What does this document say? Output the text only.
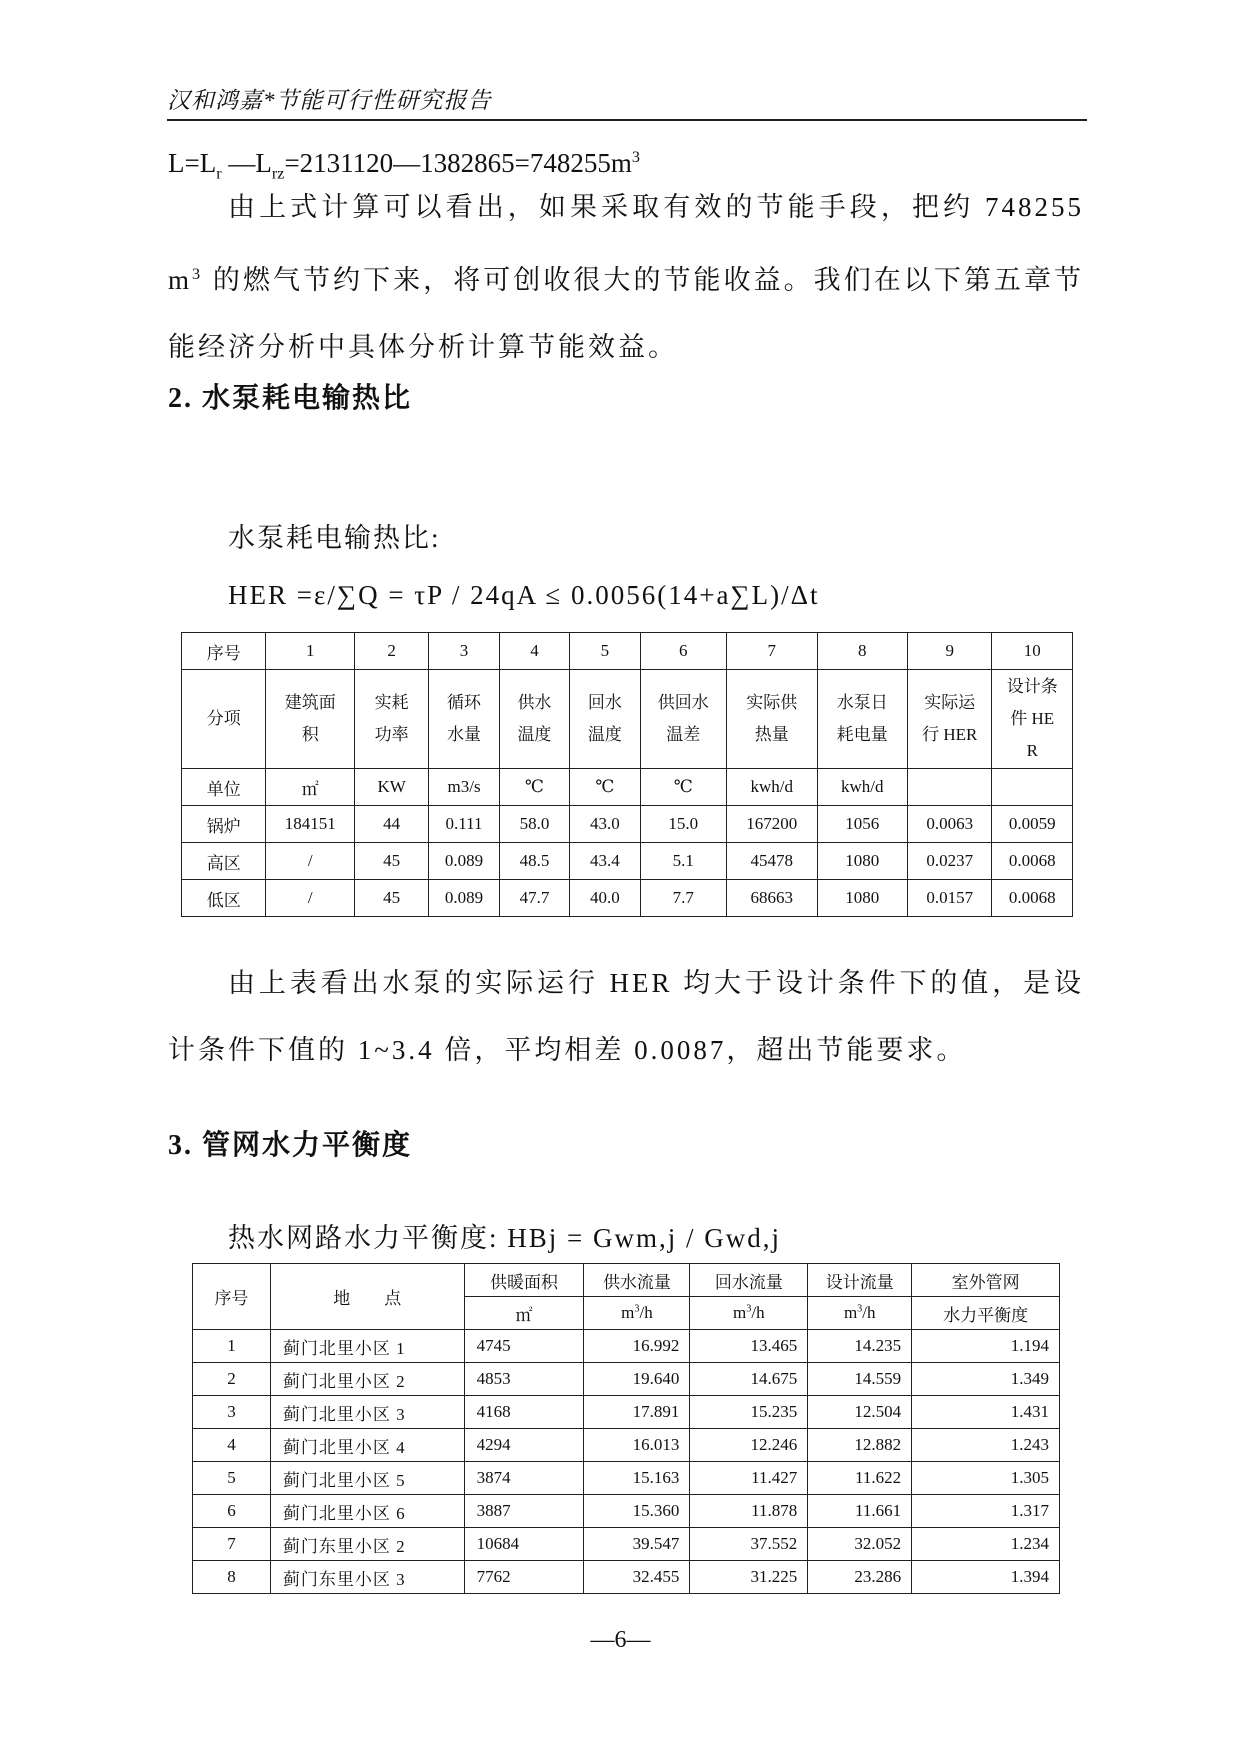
汉和鸿嘉*节能可行性研究报告
$L=L_r$ $—L_{rz}=2131120—1382865=748255m^3$
由上式计算可以看出，如果采取有效的节能手段，把约 748255 $m^3$ 的燃气节约下来，将可创收很大的节能收益。我们在以下第五章节能经济分析中具体分析计算节能效益。
2. 水泵耗电输热比
水泵耗电输热比:
HER =ε/∑Q = τP / 24qA ≤ 0.0056(14+a∑L)/Δt
序号	1	2	3	4	5	6	7	8	9	10
分项	建筑面积	实耗功率	循环水量	供水温度	回水温度	供回水温差	实际供热量	水泵日耗电量	实际运行 HER	设计条件 HER
单位	㎡	KW	m3/s	℃	℃	℃	kwh/d	kwh/d		
锅炉	184151	44	0.111	58.0	43.0	15.0	167200	1056	0.0063	0.0059
高区	/	45	0.089	48.5	43.4	5.1	45478	1080	0.0237	0.0068
低区	/	45	0.089	47.7	40.0	7.7	68663	1080	0.0157	0.0068
由上表看出水泵的实际运行 HER 均大于设计条件下的值，是设计条件下值的 1~3.4 倍，平均相差 0.0087，超出节能要求。
3. 管网水力平衡度
热水网路水力平衡度: HBj = Gwm,j / Gwd,j
序号	地　　点	供暖面积	供水流量	回水流量	设计流量	室外管网
		㎡	$m^3/h$	$m^3/h$	$m^3/h$	水力平衡度
1	蓟门北里小区 1	4745	16.992	13.465	14.235	1.194
2	蓟门北里小区 2	4853	19.640	14.675	14.559	1.349
3	蓟门北里小区 3	4168	17.891	15.235	12.504	1.431
4	蓟门北里小区 4	4294	16.013	12.246	12.882	1.243
5	蓟门北里小区 5	3874	15.163	11.427	11.622	1.305
6	蓟门北里小区 6	3887	15.360	11.878	11.661	1.317
7	蓟门东里小区 2	10684	39.547	37.552	32.052	1.234
8	蓟门东里小区 3	7762	32.455	31.225	23.286	1.394
—6—
